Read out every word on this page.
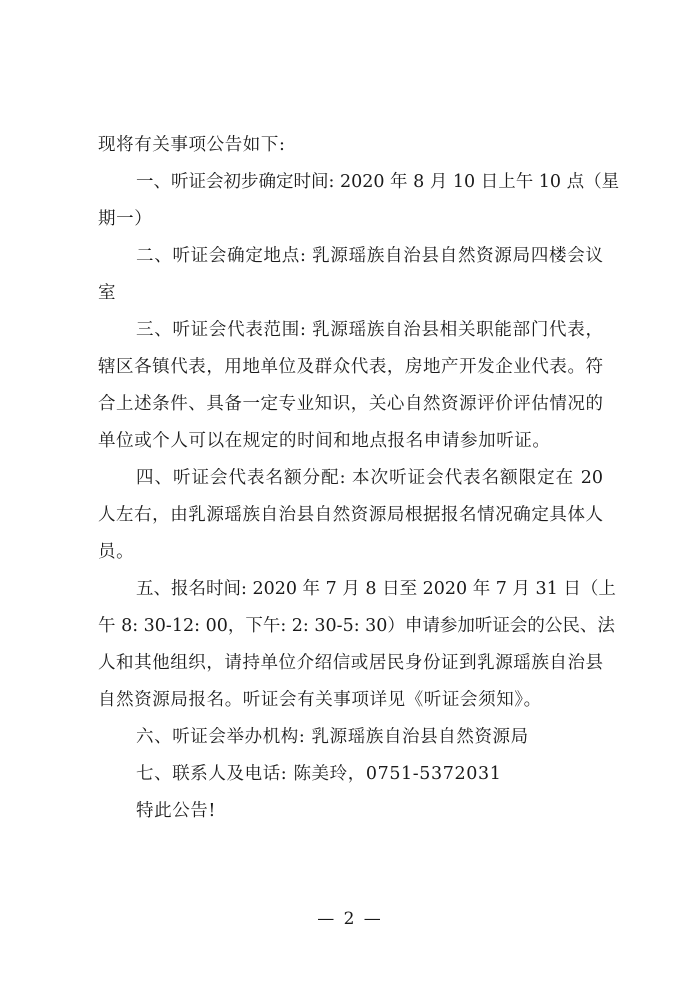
现将有关事项公告如下:
一、听证会初步确定时间: 2020 年 8 月 10 日上午 10 点（星
期一）
二、听证会确定地点: 乳源瑶族自治县自然资源局四楼会议
室
三、听证会代表范围: 乳源瑶族自治县相关职能部门代表，
辖区各镇代表，用地单位及群众代表，房地产开发企业代表。符
合上述条件、具备一定专业知识，关心自然资源评价评估情况的
单位或个人可以在规定的时间和地点报名申请参加听证。
四、听证会代表名额分配: 本次听证会代表名额限定在 20
人左右，由乳源瑶族自治县自然资源局根据报名情况确定具体人
员。
五、报名时间: 2020 年 7 月 8 日至 2020 年 7 月 31 日（上
午 8: 30-12: 00，下午: 2: 30-5: 30）申请参加听证会的公民、法
人和其他组织，请持单位介绍信或居民身份证到乳源瑶族自治县
自然资源局报名。听证会有关事项详见《听证会须知》。
六、听证会举办机构: 乳源瑶族自治县自然资源局
七、联系人及电话: 陈美玲，0751-5372031
特此公告!
— 2 —
